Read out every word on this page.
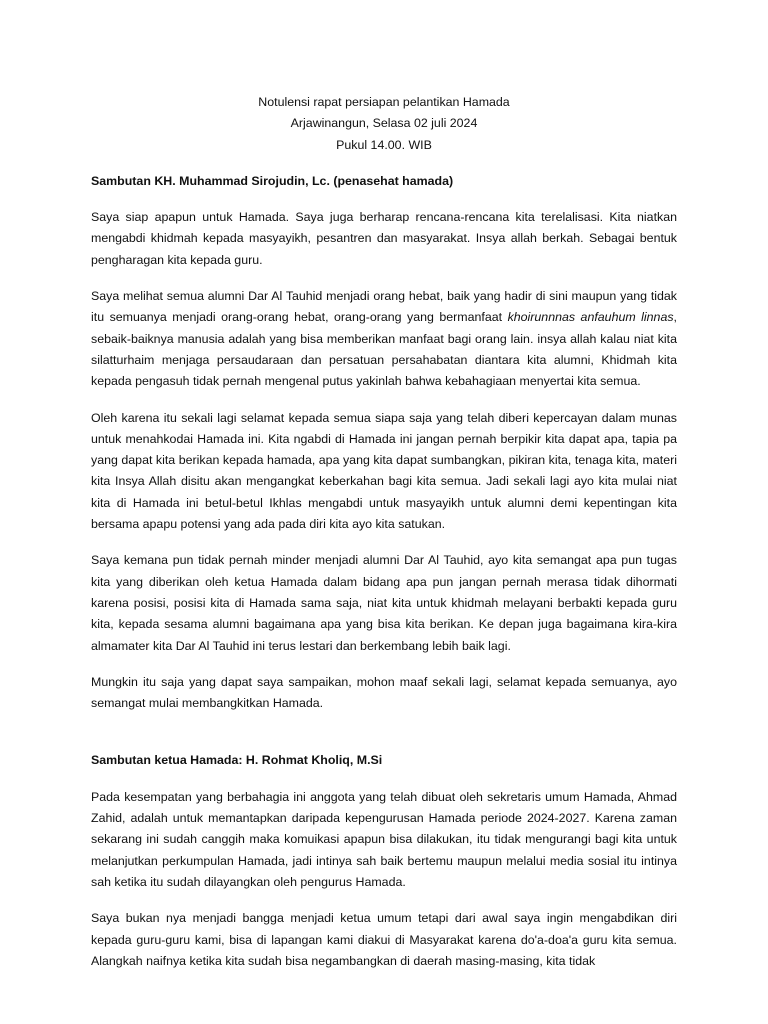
Notulensi rapat persiapan pelantikan Hamada
Arjawinangun, Selasa 02 juli 2024
Pukul 14.00. WIB
Sambutan KH. Muhammad Sirojudin, Lc. (penasehat hamada)

Saya siap apapun untuk Hamada. Saya juga berharap rencana-rencana kita terelalisasi. Kita niatkan mengabdi khidmah kepada masyayikh, pesantren dan masyarakat. Insya allah berkah. Sebagai bentuk pengharagan kita kepada guru.

Saya melihat semua alumni Dar Al Tauhid menjadi orang hebat, baik yang hadir di sini maupun yang tidak itu semuanya menjadi orang-orang hebat, orang-orang yang bermanfaat khoirunnnas anfauhum linnas, sebaik-baiknya manusia adalah yang bisa memberikan manfaat bagi orang lain. insya allah kalau niat kita silatturhaim menjaga persaudaraan dan persatuan persahabatan diantara kita alumni, Khidmah kita kepada pengasuh tidak pernah mengenal putus yakinlah bahwa kebahagiaan menyertai kita semua.

Oleh karena itu sekali lagi selamat kepada semua siapa saja yang telah diberi kepercayan dalam munas untuk menahkodai Hamada ini. Kita ngabdi di Hamada ini jangan pernah berpikir kita dapat apa, tapia pa yang dapat kita berikan kepada hamada, apa yang kita dapat sumbangkan, pikiran kita, tenaga kita, materi kita Insya Allah disitu akan mengangkat keberkahan bagi kita semua. Jadi sekali lagi ayo kita mulai niat kita di Hamada ini betul-betul Ikhlas mengabdi untuk masyayikh untuk alumni demi kepentingan kita bersama apapu potensi yang ada pada diri kita ayo kita satukan.

Saya kemana pun tidak pernah minder menjadi alumni Dar Al Tauhid, ayo kita semangat apa pun tugas kita yang diberikan oleh ketua Hamada dalam bidang apa pun jangan pernah merasa tidak dihormati karena posisi, posisi kita di Hamada sama saja, niat kita untuk khidmah melayani berbakti kepada guru kita, kepada sesama alumni bagaimana apa yang bisa kita berikan. Ke depan juga bagaimana kira-kira almamater kita Dar Al Tauhid ini terus lestari dan berkembang lebih baik lagi.

Mungkin itu saja yang dapat saya sampaikan, mohon maaf sekali lagi, selamat kepada semuanya, ayo semangat mulai membangkitkan Hamada.

Sambutan ketua Hamada: H. Rohmat Kholiq, M.Si

Pada kesempatan yang berbahagia ini anggota yang telah dibuat oleh sekretaris umum Hamada, Ahmad Zahid, adalah untuk memantapkan daripada kepengurusan Hamada periode 2024-2027. Karena zaman sekarang ini sudah canggih maka komuikasi apapun bisa dilakukan, itu tidak mengurangi bagi kita untuk melanjutkan perkumpulan Hamada, jadi intinya sah baik bertemu maupun melalui media sosial itu intinya sah ketika itu sudah dilayangkan oleh pengurus Hamada.

Saya bukan nya menjadi bangga menjadi ketua umum tetapi dari awal saya ingin mengabdikan diri kepada guru-guru kami, bisa di lapangan kami diakui di Masyarakat karena do'a-doa'a guru kita semua. Alangkah naifnya ketika kita sudah bisa negambangkan di daerah masing-masing, kita tidak
